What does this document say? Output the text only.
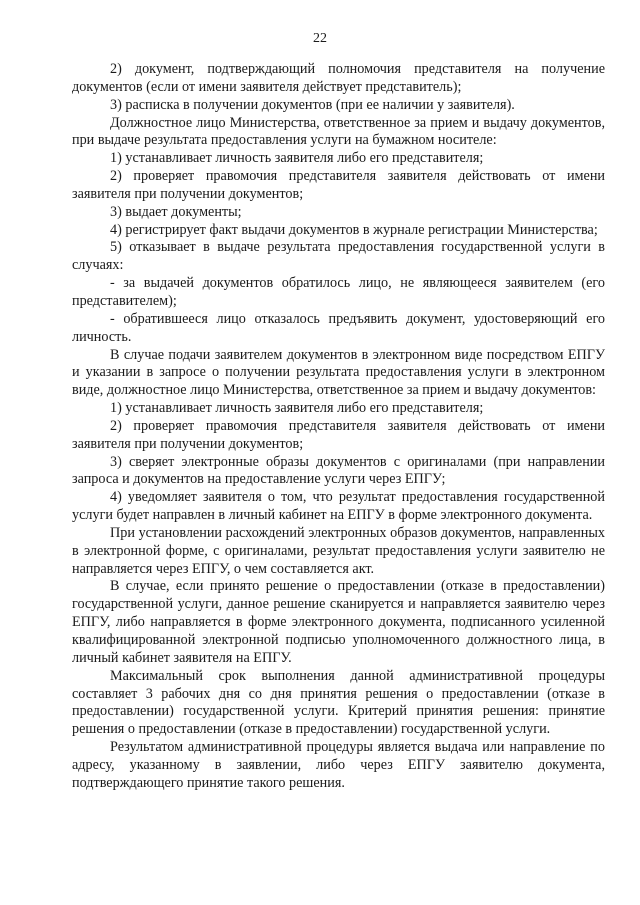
22

2) документ, подтверждающий полномочия представителя на получение документов (если от имени заявителя действует представитель);

3) расписка в получении документов (при ее наличии у заявителя).

Должностное лицо Министерства, ответственное за прием и выдачу документов, при выдаче результата предоставления услуги на бумажном носителе:

1) устанавливает личность заявителя либо его представителя;

2) проверяет правомочия представителя заявителя действовать от имени заявителя при получении документов;

3) выдает документы;

4) регистрирует факт выдачи документов в журнале регистрации Министерства;

5) отказывает в выдаче результата предоставления государственной услуги в случаях:

- за выдачей документов обратилось лицо, не являющееся заявителем (его представителем);

- обратившееся лицо отказалось предъявить документ, удостоверяющий его личность.

В случае подачи заявителем документов в электронном виде посредством ЕПГУ и указании в запросе о получении результата предоставления услуги в электронном виде, должностное лицо Министерства, ответственное за прием и выдачу документов:

1) устанавливает личность заявителя либо его представителя;

2) проверяет правомочия представителя заявителя действовать от имени заявителя при получении документов;

3) сверяет электронные образы документов с оригиналами (при направлении запроса и документов на предоставление услуги через ЕПГУ;

4) уведомляет заявителя о том, что результат предоставления государственной услуги будет направлен в личный кабинет на ЕПГУ в форме электронного документа.

При установлении расхождений электронных образов документов, направленных в электронной форме, с оригиналами, результат предоставления услуги заявителю не направляется через ЕПГУ, о чем составляется акт.

В случае, если принято решение о предоставлении (отказе в предоставлении) государственной услуги, данное решение сканируется и направляется заявителю через ЕПГУ, либо направляется в форме электронного документа, подписанного усиленной квалифицированной электронной подписью уполномоченного должностного лица, в личный кабинет заявителя на ЕПГУ.

Максимальный срок выполнения данной административной процедуры составляет 3 рабочих дня со дня принятия решения о предоставлении (отказе в предоставлении) государственной услуги. Критерий принятия решения: принятие решения о предоставлении (отказе в предоставлении) государственной услуги.

Результатом административной процедуры является выдача или направление по адресу, указанному в заявлении, либо через ЕПГУ заявителю документа, подтверждающего принятие такого решения.
